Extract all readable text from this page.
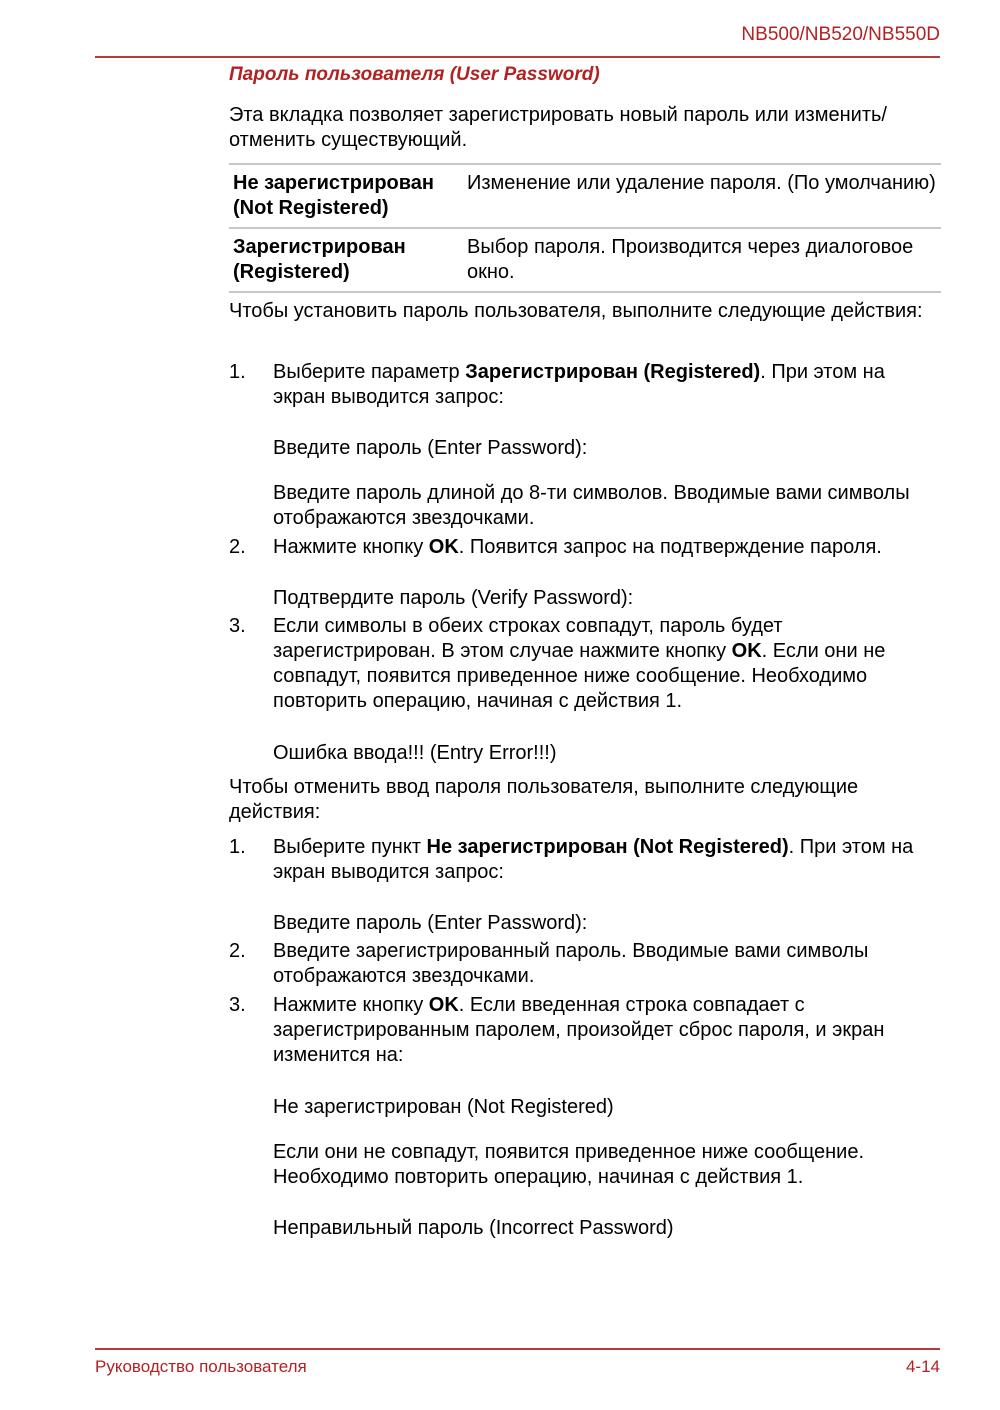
NB500/NB520/NB550D
Пароль пользователя (User Password)

Эта вкладка позволяет зарегистрировать новый пароль или изменить/ отменить существующий.

Не зарегистрирован (Not Registered)	Изменение или удаление пароля. (По умолчанию)
Зарегистрирован (Registered)	Выбор пароля. Производится через диалоговое окно.
Чтобы установить пароль пользователя, выполните следующие действия:
1. Выберите параметр Зарегистрирован (Registered). При этом на экран выводится запрос:
Введите пароль (Enter Password):
Введите пароль длиной до 8-ти символов. Вводимые вами символы отображаются звездочками.
2. Нажмите кнопку OK. Появится запрос на подтверждение пароля.
Подтвердите пароль (Verify Password):
3. Если символы в обеих строках совпадут, пароль будет зарегистрирован. В этом случае нажмите кнопку OK. Если они не совпадут, появится приведенное ниже сообщение. Необходимо повторить операцию, начиная с действия 1.
Ошибка ввода!!! (Entry Error!!!)
Чтобы отменить ввод пароля пользователя, выполните следующие действия:
1. Выберите пункт Не зарегистрирован (Not Registered). При этом на экран выводится запрос:
Введите пароль (Enter Password):
2. Введите зарегистрированный пароль. Вводимые вами символы отображаются звездочками.
3. Нажмите кнопку OK. Если введенная строка совпадает с зарегистрированным паролем, произойдет сброс пароля, и экран изменится на:
Не зарегистрирован (Not Registered)
Если они не совпадут, появится приведенное ниже сообщение. Необходимо повторить операцию, начиная с действия 1.
Неправильный пароль (Incorrect Password)
Руководство пользователя	4-14
